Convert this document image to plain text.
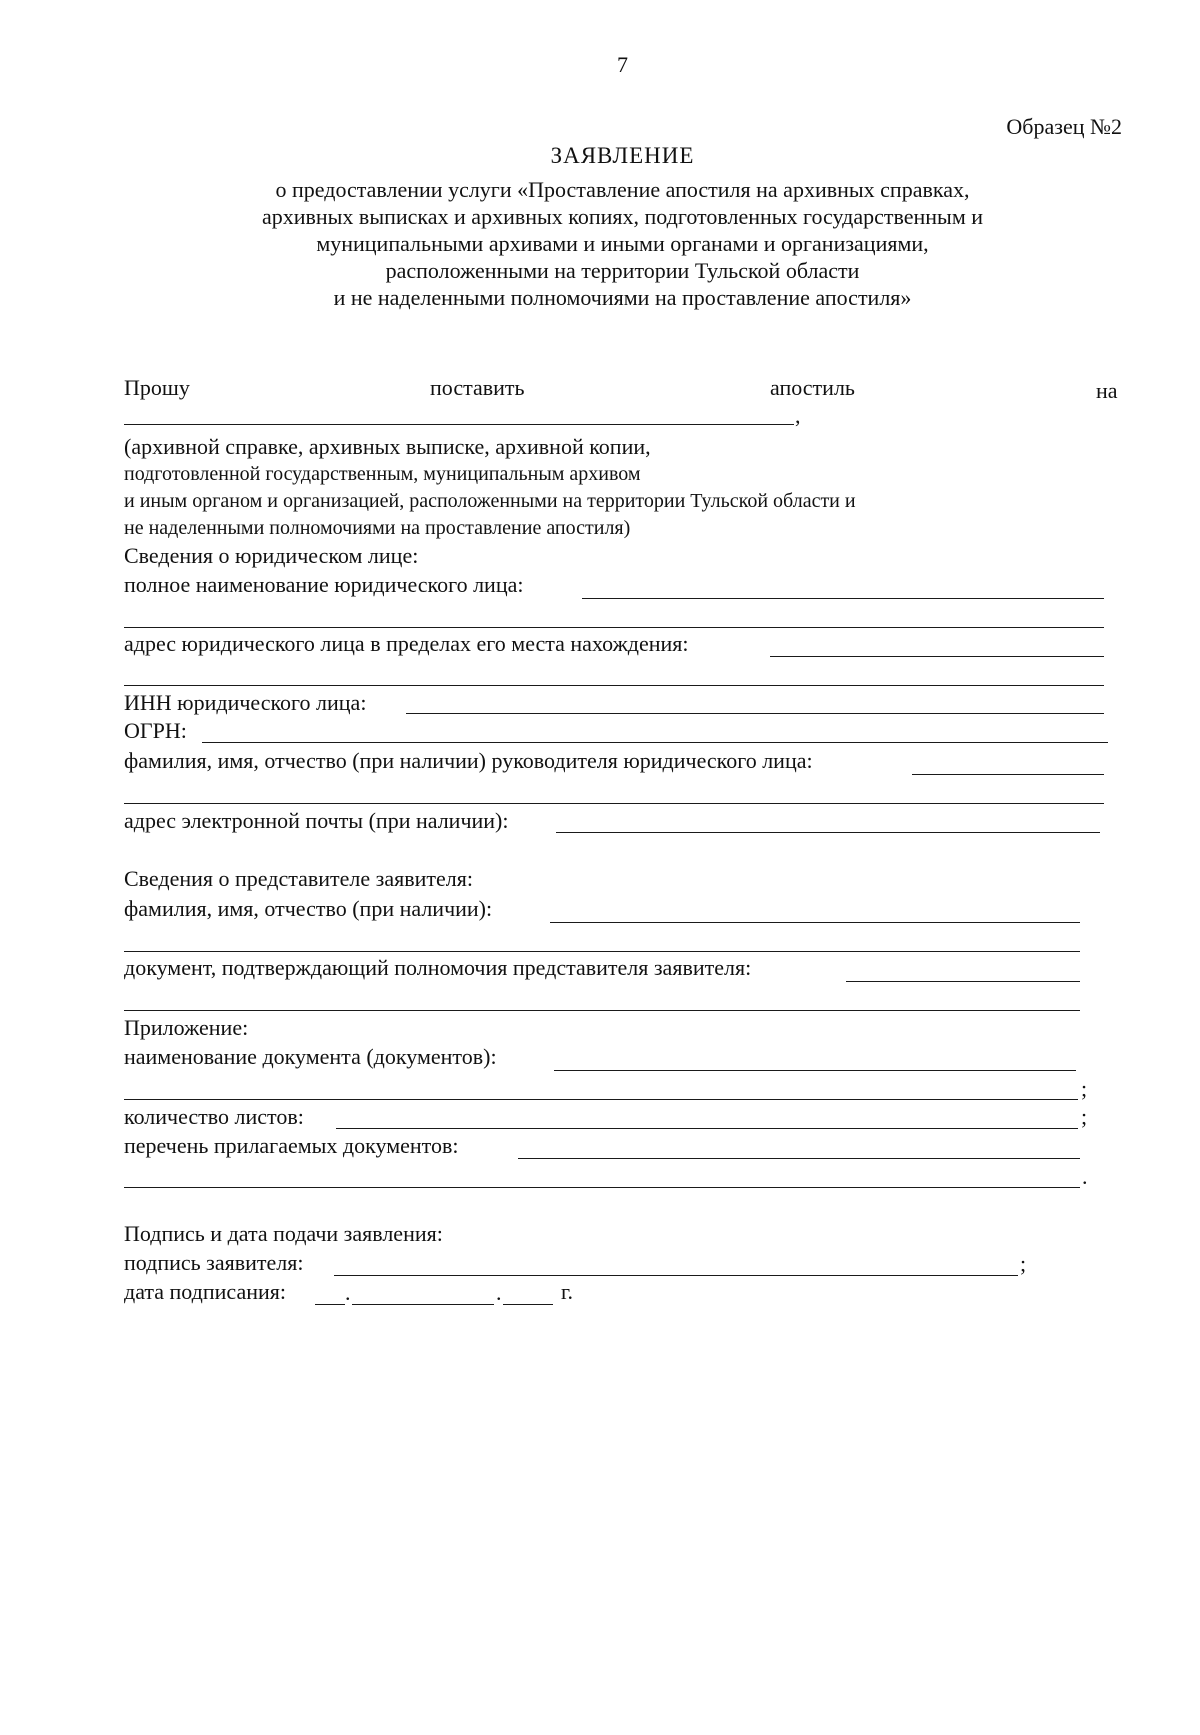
7
Образец №2
ЗАЯВЛЕНИЕ
о предоставлении услуги «Проставление апостиля на архивных справках,
архивных выписках и архивных копиях, подготовленных государственным и
муниципальными архивами и иными органами и организациями,
расположенными на территории Тульской области
и не наделенными полномочиями на проставление апостиля»
Прошу	поставить	апостиль	на
,
(архивной справке, архивных выписке, архивной копии,
подготовленной государственным, муниципальным архивом
и иным органом и организацией, расположенными на территории Тульской области и
не наделенными полномочиями на проставление апостиля)
Сведения о юридическом лице:
полное наименование юридического лица:
адрес юридического лица в пределах его места нахождения:
ИНН юридического лица:
ОГРН:
фамилия, имя, отчество (при наличии) руководителя юридического лица:
адрес электронной почты (при наличии):
Сведения о представителе заявителя:
фамилия, имя, отчество (при наличии):
документ, подтверждающий полномочия представителя заявителя:
Приложение:
наименование документа (документов):
;
количество листов:	;
перечень прилагаемых документов:
.
Подпись и дата подачи заявления:
подпись заявителя:	;
дата подписания:	.	.	г.
